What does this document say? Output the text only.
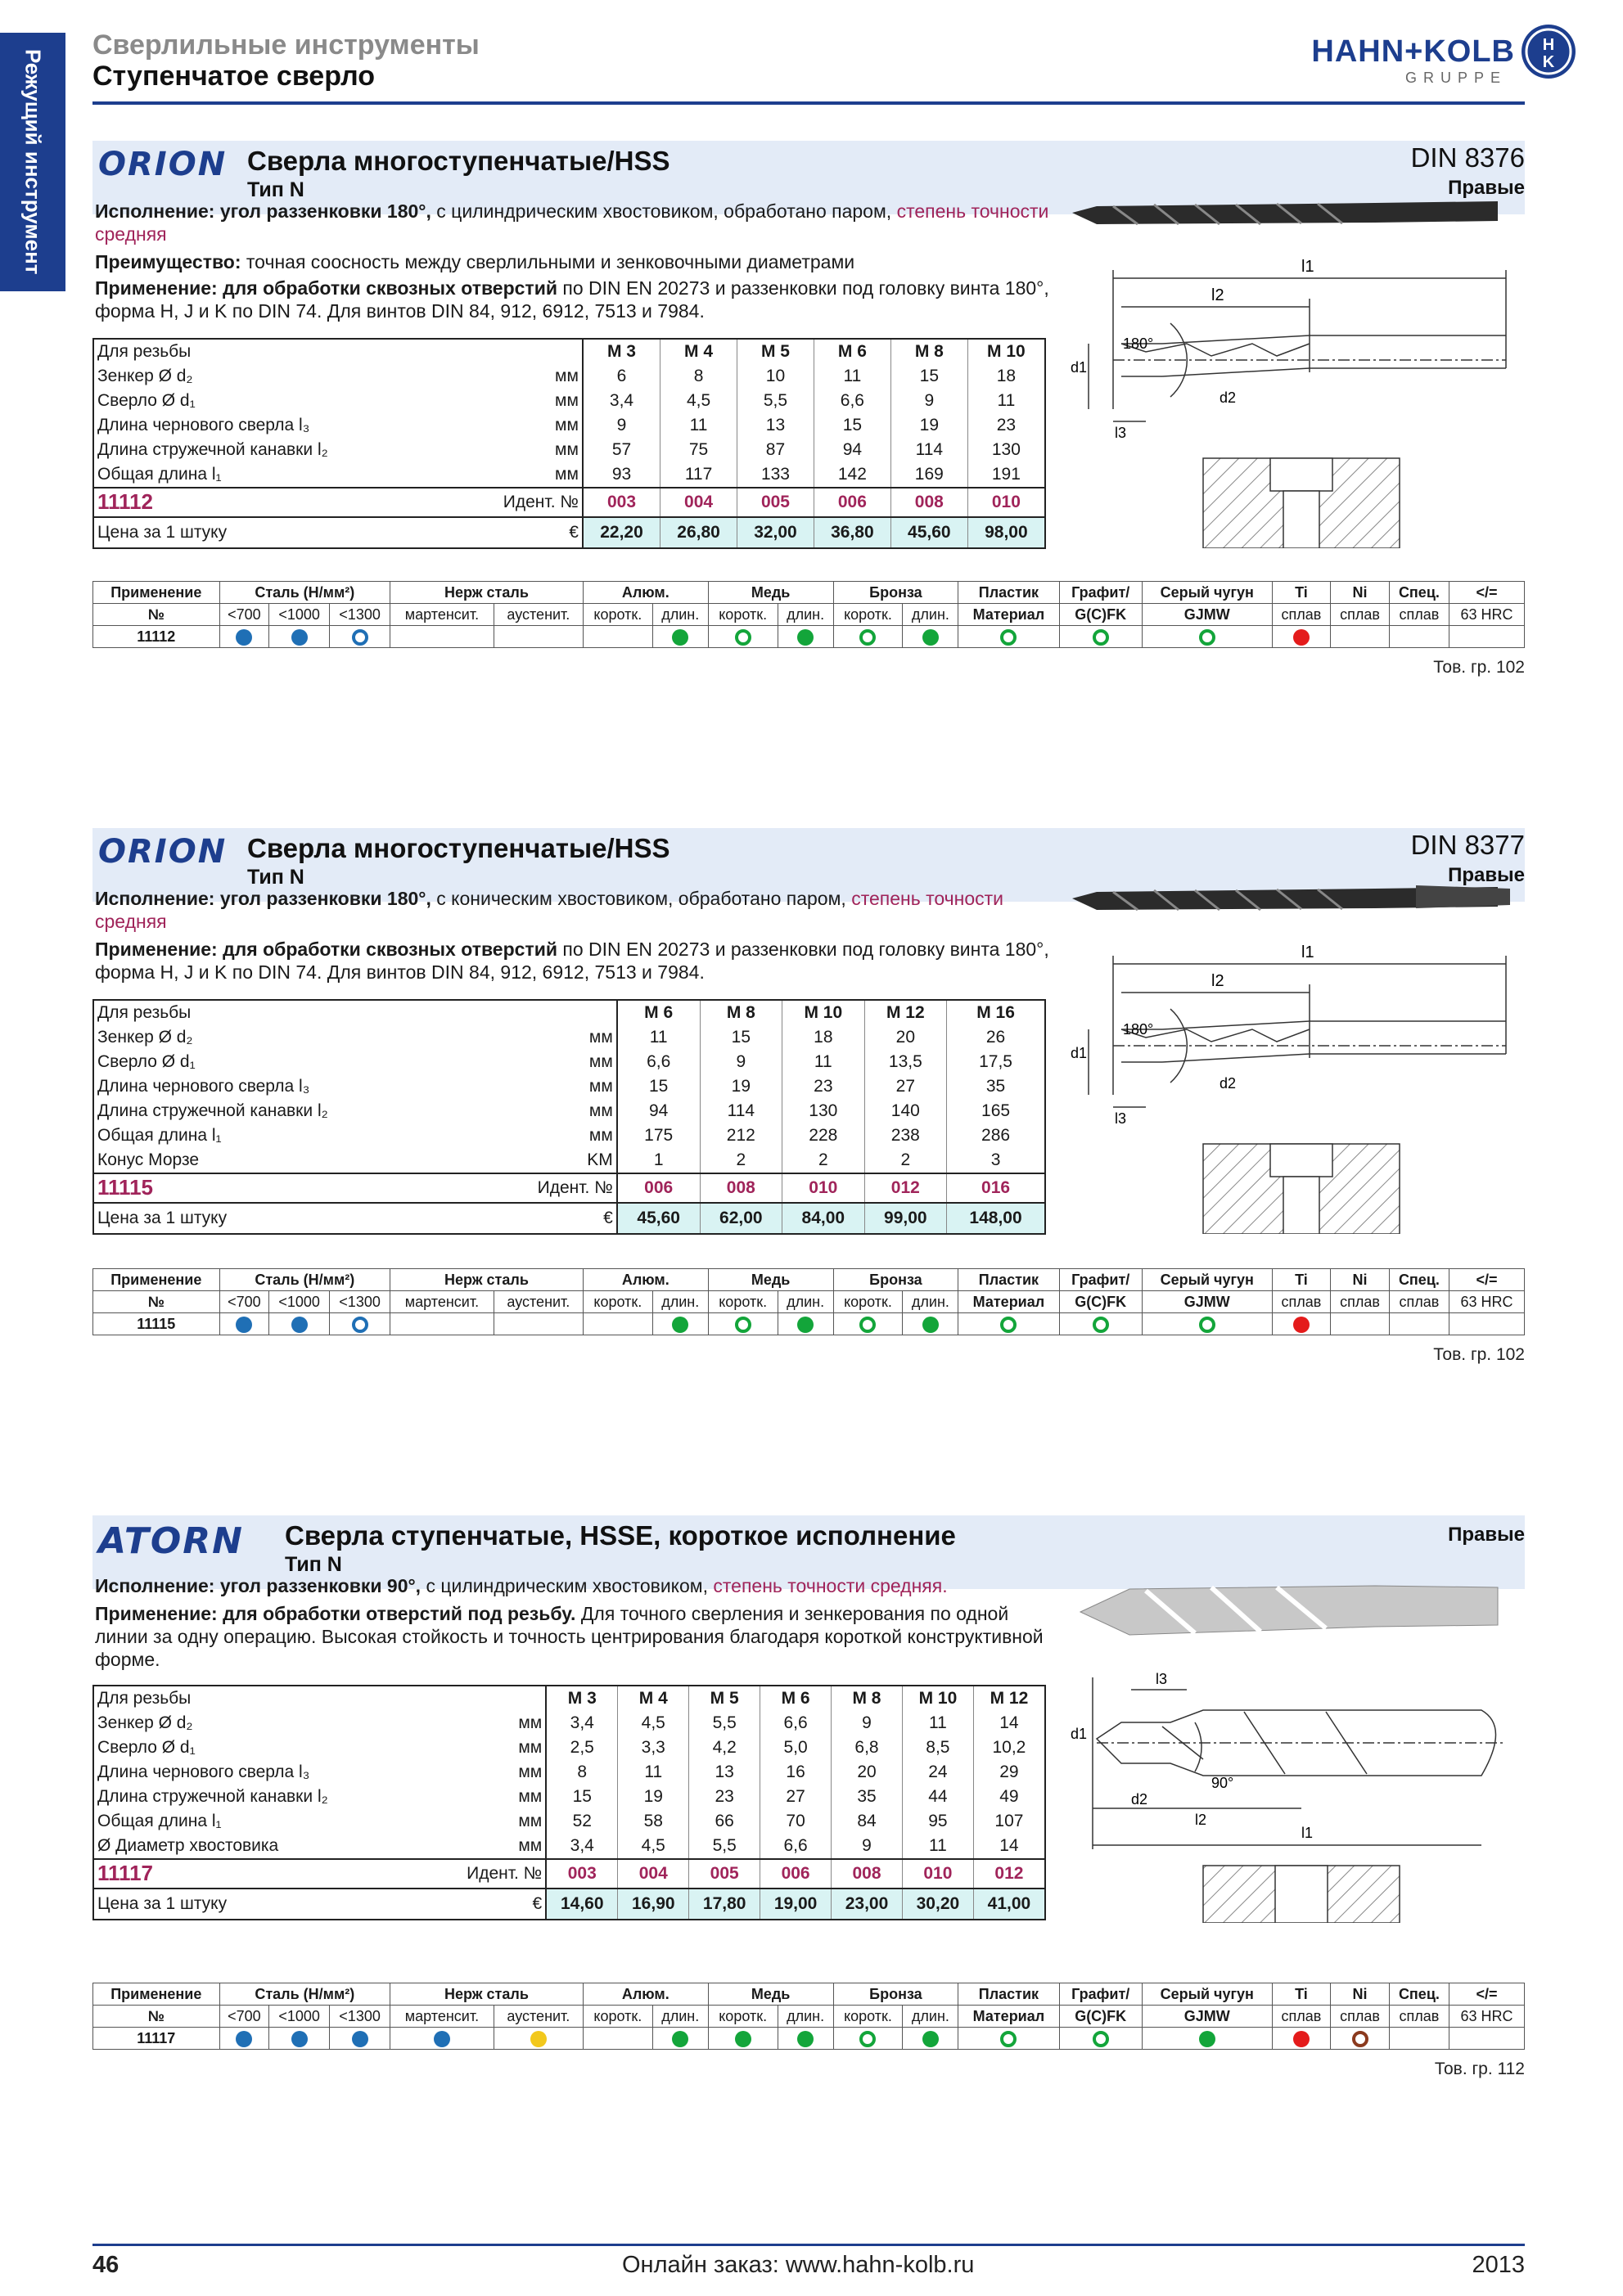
Режущий инструмент
Сверлильные инструменты
Ступенчатое сверло
HAHN+KOLB
GRUPPE
H
K
ORION Сверла многоступенчатые/HSS
Тип N
DIN 8376
Правые
Исполнение: угол раззенковки 180°, с цилиндрическим хвостовиком, обработано паром, степень точности средняя
Преимущество: точная соосность между сверлильными и зенковочными диаметрами
Применение: для обработки сквозных отверстий по DIN EN 20273 и раззенковки под головку винта 180°, форма H, J и K по DIN 74. Для винтов DIN 84, 912, 6912, 7513 и 7984.
Для резьбы		M 3	M 4	M 5	M 6	M 8	M 10
Зенкер Ø d₂	мм	6	8	10	11	15	18
Сверло Ø d₁	мм	3,4	4,5	5,5	6,6	9	11
Длина чернового сверла l₃	мм	9	11	13	15	19	23
Длина стружечной канавки l₂	мм	57	75	87	94	114	130
Общая длина l₁	мм	93	117	133	142	169	191
11112	Идент. №	003	004	005	006	008	010
Цена за 1 штуку	€	22,20	26,80	32,00	36,80	45,60	98,00
l1
l2
180°
d1
d2
l3
Применение	Сталь (Н/мм²)			Нерж сталь		Алюм.		Медь		Бронза		Пластик	Графит/	Серый чугун	Ti	Ni	Спец.	</=
№	<700	<1000	<1300	мартенсит.	аустенит.	коротк.	длин.	коротк.	длин.	коротк.	длин.	Материал	G(C)FK	GJMW	сплав	сплав	сплав	63 HRC
11112																		
Тов. гр. 102
ORION Сверла многоступенчатые/HSS
Тип N
DIN 8377
Правые
Исполнение: угол раззенковки 180°, с коническим хвостовиком, обработано паром, степень точности средняя
Применение: для обработки сквозных отверстий по DIN EN 20273 и раззенковки под головку винта 180°, форма H, J и K по DIN 74. Для винтов DIN 84, 912, 6912, 7513 и 7984.
Для резьбы		M 6	M 8	M 10	M 12	M 16
Зенкер Ø d₂	мм	11	15	18	20	26
Сверло Ø d₁	мм	6,6	9	11	13,5	17,5
Длина чернового сверла l₃	мм	15	19	23	27	35
Длина стружечной канавки l₂	мм	94	114	130	140	165
Общая длина l₁	мм	175	212	228	238	286
Конус Морзе	KM	1	2	2	2	3
11115	Идент. №	006	008	010	012	016
Цена за 1 штуку	€	45,60	62,00	84,00	99,00	148,00
l1
l2
180°
d1
d2
l3
Применение	Сталь (Н/мм²)			Нерж сталь		Алюм.		Медь		Бронза		Пластик	Графит/	Серый чугун	Ti	Ni	Спец.	</=
№	<700	<1000	<1300	мартенсит.	аустенит.	коротк.	длин.	коротк.	длин.	коротк.	длин.	Материал	G(C)FK	GJMW	сплав	сплав	сплав	63 HRC
11115																		
Тов. гр. 102
ATORN Сверла ступенчатые, HSSE, короткое исполнение
Тип N
Правые
Исполнение: угол раззенковки 90°, с цилиндрическим хвостовиком, степень точности средняя.
Применение: для обработки отверстий под резьбу. Для точного сверления и зенкерования по одной линии за одну операцию. Высокая стойкость и точность центрирования благодаря короткой конструктивной форме.
Для резьбы		M 3	M 4	M 5	M 6	M 8	M 10	M 12
Зенкер Ø d₂	мм	3,4	4,5	5,5	6,6	9	11	14
Сверло Ø d₁	мм	2,5	3,3	4,2	5,0	6,8	8,5	10,2
Длина чернового сверла l₃	мм	8	11	13	16	20	24	29
Длина стружечной канавки l₂	мм	15	19	23	27	35	44	49
Общая длина l₁	мм	52	58	66	70	84	95	107
Ø Диаметр хвостовика	мм	3,4	4,5	5,5	6,6	9	11	14
11117	Идент. №	003	004	005	006	008	010	012
Цена за 1 штуку	€	14,60	16,90	17,80	19,00	23,00	30,20	41,00
l3
d1
90°
d2
l2
l1
Применение	Сталь (Н/мм²)			Нерж сталь		Алюм.		Медь		Бронза		Пластик	Графит/	Серый чугун	Ti	Ni	Спец.	</=
№	<700	<1000	<1300	мартенсит.	аустенит.	коротк.	длин.	коротк.	длин.	коротк.	длин.	Материал	G(C)FK	GJMW	сплав	сплав	сплав	63 HRC
11117																		
Тов. гр. 112
46	Онлайн заказ: www.hahn-kolb.ru	2013
